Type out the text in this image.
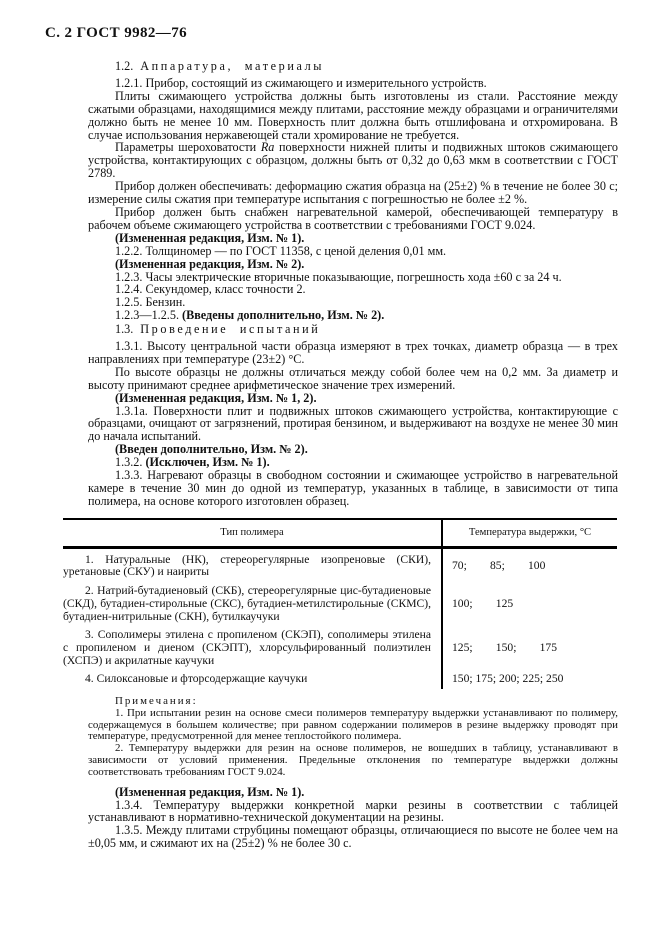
С. 2 ГОСТ 9982—76

1.2. Аппаратура, материалы

1.2.1. Прибор, состоящий из сжимающего и измерительного устройств.

Плиты сжимающего устройства должны быть изготовлены из стали. Расстояние между сжатыми образцами, находящимися между плитами, расстояние между образцами и ограничителями должно быть не менее 10 мм. Поверхность плит должна быть отшлифована и отхромирована. В случае использования нержавеющей стали хромирование не требуется.

Параметры шероховатости Ra поверхности нижней плиты и подвижных штоков сжимающего устройства, контактирующих с образцом, должны быть от 0,32 до 0,63 мкм в соответствии с ГОСТ 2789.

Прибор должен обеспечивать: деформацию сжатия образца на (25±2) % в течение не более 30 с; измерение силы сжатия при температуре испытания с погрешностью не более ±2 %.

Прибор должен быть снабжен нагревательной камерой, обеспечивающей температуру в рабочем объеме сжимающего устройства в соответствии с требованиями ГОСТ 9.024.

(Измененная редакция, Изм. № 1).

1.2.2. Толщиномер — по ГОСТ 11358, с ценой деления 0,01 мм.

(Измененная редакция, Изм. № 2).

1.2.3. Часы электрические вторичные показывающие, погрешность хода ±60 с за 24 ч.

1.2.4. Секундомер, класс точности 2.

1.2.5. Бензин.

1.2.3—1.2.5. (Введены дополнительно, Изм. № 2).

1.3. Проведение испытаний

1.3.1. Высоту центральной части образца измеряют в трех точках, диаметр образца — в трех направлениях при температуре (23±2) °С.

По высоте образцы не должны отличаться между собой более чем на 0,2 мм. За диаметр и высоту принимают среднее арифметическое значение трех измерений.

(Измененная редакция, Изм. № 1, 2).

1.3.1а. Поверхности плит и подвижных штоков сжимающего устройства, контактирующие с образцами, очищают от загрязнений, протирая бензином, и выдерживают на воздухе не менее 30 мин до начала испытаний.

(Введен дополнительно, Изм. № 2).

1.3.2. (Исключен, Изм. № 1).

1.3.3. Нагревают образцы в свободном состоянии и сжимающее устройство в нагревательной камере в течение 30 мин до одной из температур, указанных в таблице, в зависимости от типа полимера, на основе которого изготовлен образец.

Тип полимера	Температура выдержки, °С
1. Натуральные (НК), стереорегулярные изопреновые (СКИ), уретановые (СКУ) и наириты	70;  85;  100
2. Натрий-бутадиеновый (СКБ), стереорегулярные цис-бутадиеновые (СКД), бутадиен-стирольные (СКС), бутадиен-метилстирольные (СКМС), бутадиен-нитрильные (СКН), бутилкаучуки	100;  125
3. Сополимеры этилена с пропиленом (СКЭП), сополимеры этилена с пропиленом и диеном (СКЭПТ), хлорсульфированный полиэтилен (ХСПЭ) и акрилатные каучуки	125;  150;  175
4. Силоксановые и фторсодержащие каучуки	150; 175; 200; 225; 250

Примечания:

1. При испытании резин на основе смеси полимеров температуру выдержки устанавливают по полимеру, содержащемуся в большем количестве; при равном содержании полимеров в резине выдержку проводят при температуре, предусмотренной для менее теплостойкого полимера.

2. Температуру выдержки для резин на основе полимеров, не вошедших в таблицу, устанавливают в зависимости от условий применения. Предельные отклонения по температуре выдержки должны соответствовать требованиям ГОСТ 9.024.

(Измененная редакция, Изм. № 1).

1.3.4. Температуру выдержки конкретной марки резины в соответствии с таблицей устанавливают в нормативно-технической документации на резины.

1.3.5. Между плитами струбцины помещают образцы, отличающиеся по высоте не более чем на ±0,05 мм, и сжимают их на (25±2) % не более 30 с.
